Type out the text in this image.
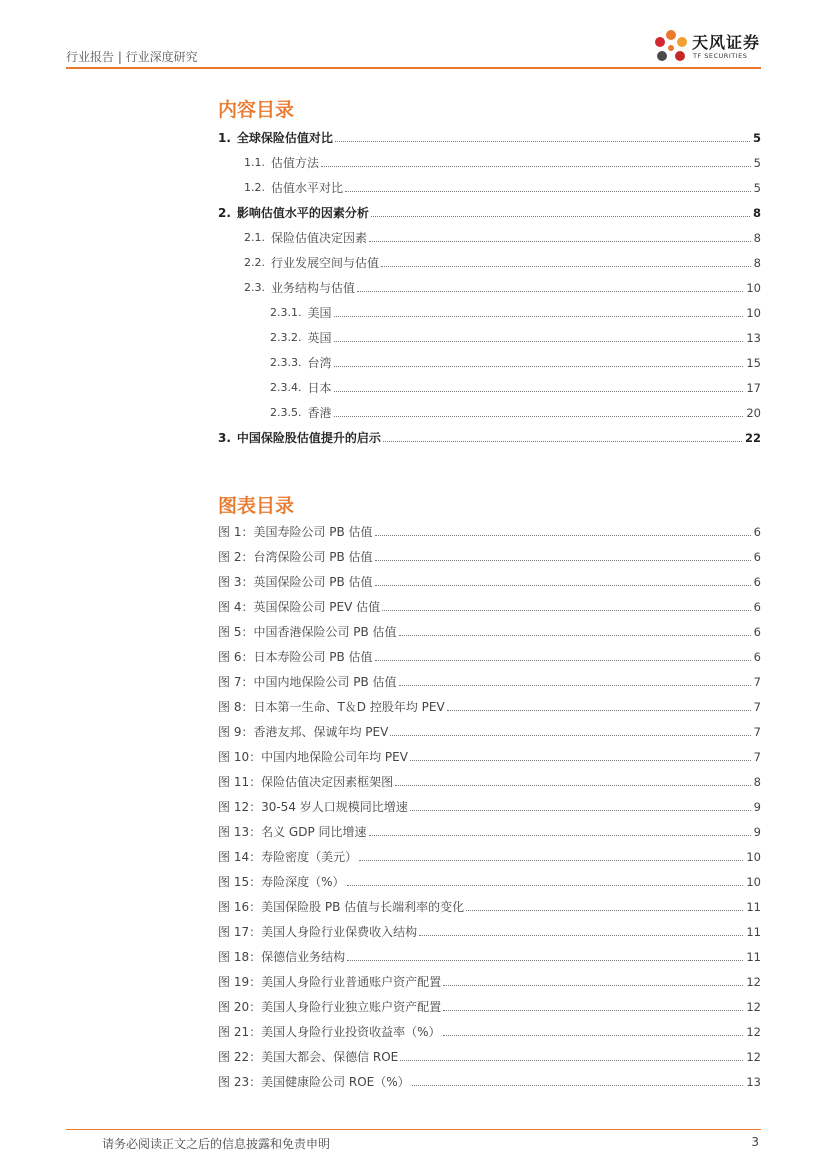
行业报告 | 行业深度研究
天风证券
TF SECURITIES
内容目录
1. 全球保险估值对比	5
1.1. 估值方法	5
1.2. 估值水平对比	5
2. 影响估值水平的因素分析	8
2.1. 保险估值决定因素	8
2.2. 行业发展空间与估值	8
2.3. 业务结构与估值	10
2.3.1. 美国	10
2.3.2. 英国	13
2.3.3. 台湾	15
2.3.4. 日本	17
2.3.5. 香港	20
3. 中国保险股估值提升的启示	22
图表目录
图 1：美国寿险公司 PB 估值	6
图 2：台湾保险公司 PB 估值	6
图 3：英国保险公司 PB 估值	6
图 4：英国保险公司 PEV 估值	6
图 5：中国香港保险公司 PB 估值	6
图 6：日本寿险公司 PB 估值	6
图 7：中国内地保险公司 PB 估值	7
图 8：日本第一生命、T＆D 控股年均 PEV	7
图 9：香港友邦、保诚年均 PEV	7
图 10：中国内地保险公司年均 PEV	7
图 11：保险估值决定因素框架图	8
图 12：30-54 岁人口规模同比增速	9
图 13：名义 GDP 同比增速	9
图 14：寿险密度（美元）	10
图 15：寿险深度（%）	10
图 16：美国保险股 PB 估值与长端利率的变化	11
图 17：美国人身险行业保费收入结构	11
图 18：保德信业务结构	11
图 19：美国人身险行业普通账户资产配置	12
图 20：美国人身险行业独立账户资产配置	12
图 21：美国人身险行业投资收益率（%）	12
图 22：美国大都会、保德信 ROE	12
图 23：美国健康险公司 ROE（%）	13
请务必阅读正文之后的信息披露和免责申明	3
